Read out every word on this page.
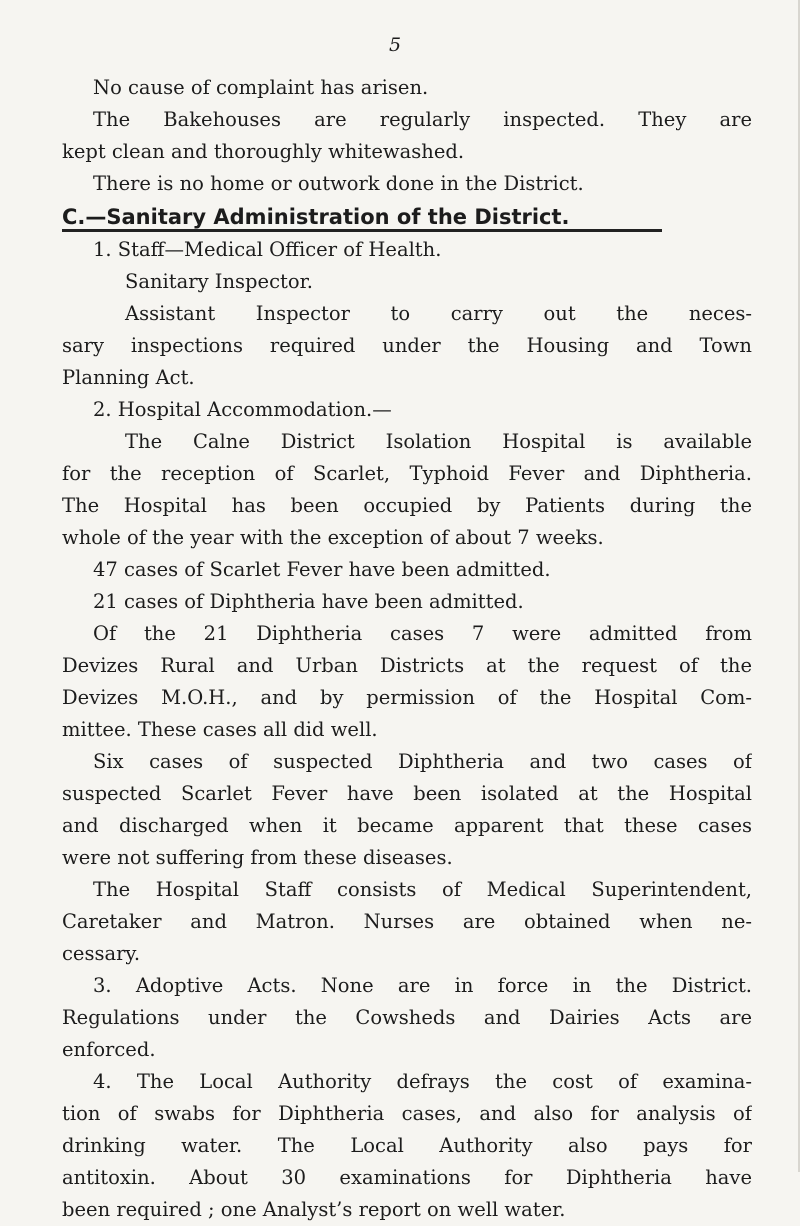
5
No cause of complaint has arisen.
The Bakehouses are regularly inspected. They are
kept clean and thoroughly whitewashed.
There is no home or outwork done in the District.
C.—Sanitary Administration of the District.
1. Staff—Medical Officer of Health.
Sanitary Inspector.
Assistant Inspector to carry out the neces-
sary inspections required under the Housing and Town
Planning Act.
2. Hospital Accommodation.—
The Calne District Isolation Hospital is available
for the reception of Scarlet, Typhoid Fever and Diphtheria.
The Hospital has been occupied by Patients during the
whole of the year with the exception of about 7 weeks.
47 cases of Scarlet Fever have been admitted.
21 cases of Diphtheria have been admitted.
Of the 21 Diphtheria cases 7 were admitted from
Devizes Rural and Urban Districts at the request of the
Devizes M.O.H., and by permission of the Hospital Com-
mittee. These cases all did well.
Six cases of suspected Diphtheria and two cases of
suspected Scarlet Fever have been isolated at the Hospital
and discharged when it became apparent that these cases
were not suffering from these diseases.
The Hospital Staff consists of Medical Superintendent,
Caretaker and Matron. Nurses are obtained when ne-
cessary.
3. Adoptive Acts. None are in force in the District.
Regulations under the Cowsheds and Dairies Acts are
enforced.
4. The Local Authority defrays the cost of examina-
tion of swabs for Diphtheria cases, and also for analysis of
drinking water. The Local Authority also pays for
antitoxin. About 30 examinations for Diphtheria have
been required ; one Analyst’s report on well water.
